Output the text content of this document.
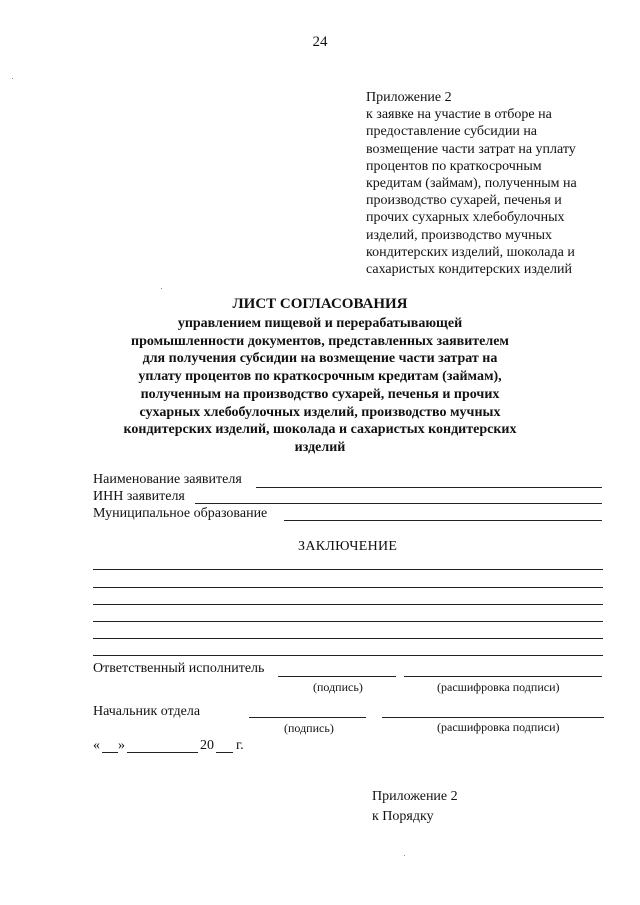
24
Приложение 2
к заявке на участие в отборе на
предоставление субсидии на
возмещение части затрат на уплату
процентов по краткосрочным
кредитам (займам), полученным на
производство сухарей, печенья и
прочих сухарных хлебобулочных
изделий, производство мучных
кондитерских изделий, шоколада и
сахаристых кондитерских изделий
ЛИСТ СОГЛАСОВАНИЯ
управлением пищевой и перерабатывающей
промышленности документов, представленных заявителем
для получения субсидии на возмещение части затрат на
уплату процентов по краткосрочным кредитам (займам),
полученным на производство сухарей, печенья и прочих
сухарных хлебобулочных изделий, производство мучных
кондитерских изделий, шоколада и сахаристых кондитерских
изделий
Наименование заявителя
ИНН заявителя
Муниципальное образование
ЗАКЛЮЧЕНИЕ
Ответственный исполнитель
(подпись)	(расшифровка подписи)
Начальник отдела
(подпись)	(расшифровка подписи)
« »	20 г.
Приложение 2
к Порядку
